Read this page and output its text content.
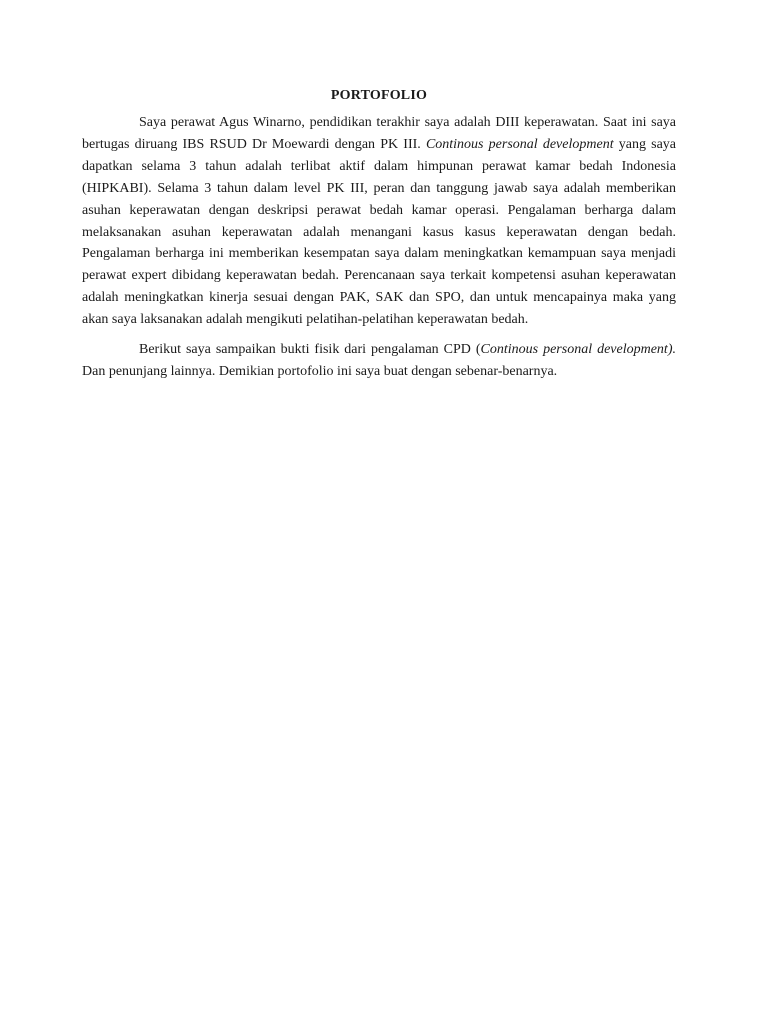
PORTOFOLIO

Saya perawat Agus Winarno, pendidikan terakhir saya adalah DIII keperawatan. Saat ini saya bertugas diruang IBS RSUD Dr Moewardi dengan PK III. Continous personal development yang saya dapatkan selama 3 tahun adalah terlibat aktif dalam himpunan perawat kamar bedah Indonesia (HIPKABI). Selama 3 tahun dalam level PK III, peran dan tanggung jawab saya adalah memberikan asuhan keperawatan dengan deskripsi perawat bedah kamar operasi. Pengalaman berharga dalam melaksanakan asuhan keperawatan adalah menangani kasus kasus keperawatan dengan bedah. Pengalaman berharga ini memberikan kesempatan saya dalam meningkatkan kemampuan saya menjadi perawat expert dibidang keperawatan bedah. Perencanaan saya terkait kompetensi asuhan keperawatan adalah meningkatkan kinerja sesuai dengan PAK, SAK dan SPO, dan untuk mencapainya maka yang akan saya laksanakan adalah mengikuti pelatihan-pelatihan keperawatan bedah.

Berikut saya sampaikan bukti fisik dari pengalaman CPD (Continous personal development). Dan penunjang lainnya. Demikian portofolio ini saya buat dengan sebenar-benarnya.
